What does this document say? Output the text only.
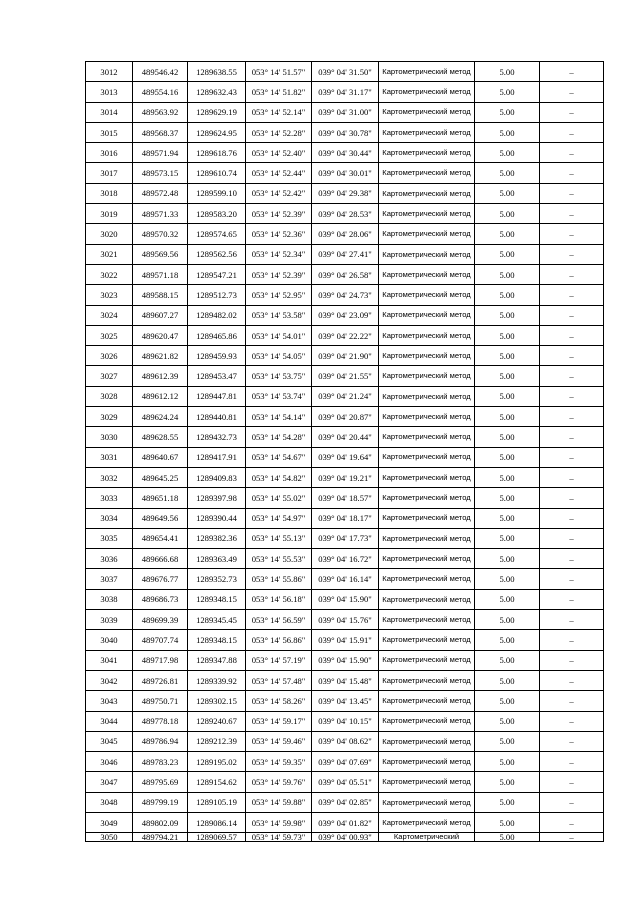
3012	489546.42	1289638.55	053° 14' 51.57"	039° 04' 31.50"	Картометрический метод	5.00	–
3013	489554.16	1289632.43	053° 14' 51.82"	039° 04' 31.17"	Картометрический метод	5.00	–
3014	489563.92	1289629.19	053° 14' 52.14"	039° 04' 31.00"	Картометрический метод	5.00	–
3015	489568.37	1289624.95	053° 14' 52.28"	039° 04' 30.78"	Картометрический метод	5.00	–
3016	489571.94	1289618.76	053° 14' 52.40"	039° 04' 30.44"	Картометрический метод	5.00	–
3017	489573.15	1289610.74	053° 14' 52.44"	039° 04' 30.01"	Картометрический метод	5.00	–
3018	489572.48	1289599.10	053° 14' 52.42"	039° 04' 29.38"	Картометрический метод	5.00	–
3019	489571.33	1289583.20	053° 14' 52.39"	039° 04' 28.53"	Картометрический метод	5.00	–
3020	489570.32	1289574.65	053° 14' 52.36"	039° 04' 28.06"	Картометрический метод	5.00	–
3021	489569.56	1289562.56	053° 14' 52.34"	039° 04' 27.41"	Картометрический метод	5.00	–
3022	489571.18	1289547.21	053° 14' 52.39"	039° 04' 26.58"	Картометрический метод	5.00	–
3023	489588.15	1289512.73	053° 14' 52.95"	039° 04' 24.73"	Картометрический метод	5.00	–
3024	489607.27	1289482.02	053° 14' 53.58"	039° 04' 23.09"	Картометрический метод	5.00	–
3025	489620.47	1289465.86	053° 14' 54.01"	039° 04' 22.22"	Картометрический метод	5.00	–
3026	489621.82	1289459.93	053° 14' 54.05"	039° 04' 21.90"	Картометрический метод	5.00	–
3027	489612.39	1289453.47	053° 14' 53.75"	039° 04' 21.55"	Картометрический метод	5.00	–
3028	489612.12	1289447.81	053° 14' 53.74"	039° 04' 21.24"	Картометрический метод	5.00	–
3029	489624.24	1289440.81	053° 14' 54.14"	039° 04' 20.87"	Картометрический метод	5.00	–
3030	489628.55	1289432.73	053° 14' 54.28"	039° 04' 20.44"	Картометрический метод	5.00	–
3031	489640.67	1289417.91	053° 14' 54.67"	039° 04' 19.64"	Картометрический метод	5.00	–
3032	489645.25	1289409.83	053° 14' 54.82"	039° 04' 19.21"	Картометрический метод	5.00	–
3033	489651.18	1289397.98	053° 14' 55.02"	039° 04' 18.57"	Картометрический метод	5.00	–
3034	489649.56	1289390.44	053° 14' 54.97"	039° 04' 18.17"	Картометрический метод	5.00	–
3035	489654.41	1289382.36	053° 14' 55.13"	039° 04' 17.73"	Картометрический метод	5.00	–
3036	489666.68	1289363.49	053° 14' 55.53"	039° 04' 16.72"	Картометрический метод	5.00	–
3037	489676.77	1289352.73	053° 14' 55.86"	039° 04' 16.14"	Картометрический метод	5.00	–
3038	489686.73	1289348.15	053° 14' 56.18"	039° 04' 15.90"	Картометрический метод	5.00	–
3039	489699.39	1289345.45	053° 14' 56.59"	039° 04' 15.76"	Картометрический метод	5.00	–
3040	489707.74	1289348.15	053° 14' 56.86"	039° 04' 15.91"	Картометрический метод	5.00	–
3041	489717.98	1289347.88	053° 14' 57.19"	039° 04' 15.90"	Картометрический метод	5.00	–
3042	489726.81	1289339.92	053° 14' 57.48"	039° 04' 15.48"	Картометрический метод	5.00	–
3043	489750.71	1289302.15	053° 14' 58.26"	039° 04' 13.45"	Картометрический метод	5.00	–
3044	489778.18	1289240.67	053° 14' 59.17"	039° 04' 10.15"	Картометрический метод	5.00	–
3045	489786.94	1289212.39	053° 14' 59.46"	039° 04' 08.62"	Картометрический метод	5.00	–
3046	489783.23	1289195.02	053° 14' 59.35"	039° 04' 07.69"	Картометрический метод	5.00	–
3047	489795.69	1289154.62	053° 14' 59.76"	039° 04' 05.51"	Картометрический метод	5.00	–
3048	489799.19	1289105.19	053° 14' 59.88"	039° 04' 02.85"	Картометрический метод	5.00	–
3049	489802.09	1289086.14	053° 14' 59.98"	039° 04' 01.82"	Картометрический метод	5.00	–
3050	489794.21	1289069.57	053° 14' 59.73"	039° 04' 00.93"	Картометрический	5.00	–
